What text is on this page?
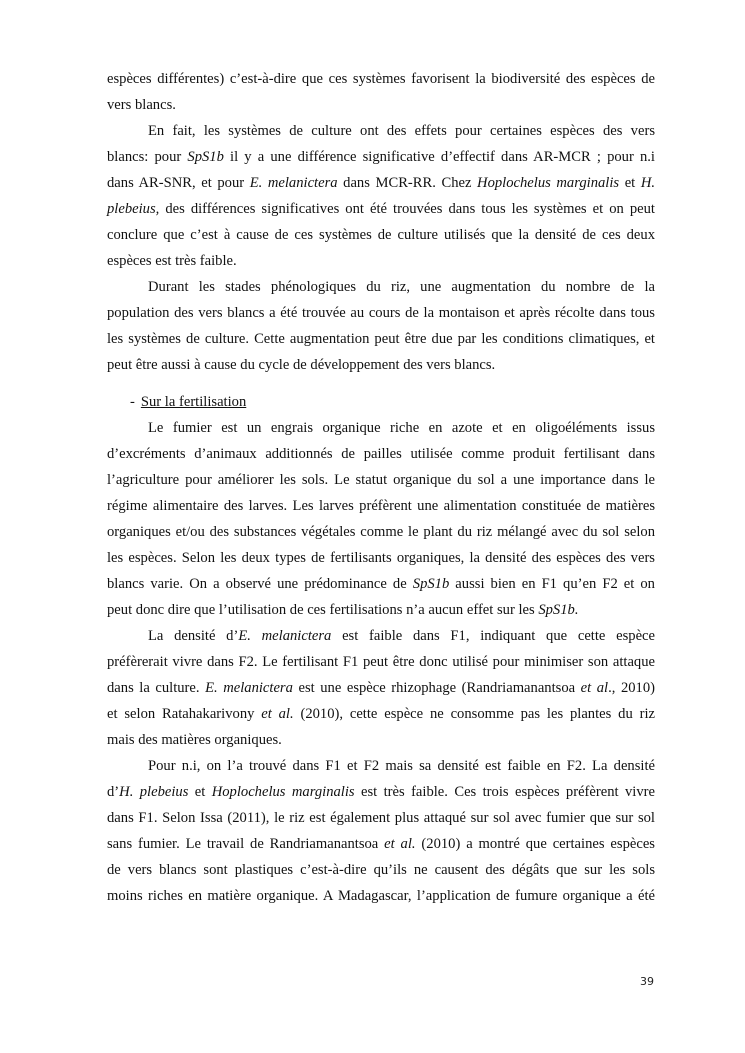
espèces différentes) c’est-à-dire que ces systèmes favorisent la biodiversité des espèces de
vers blancs.
En fait, les systèmes de culture ont des effets pour certaines espèces des vers
blancs: pour SpS1b il y a une différence significative d’effectif dans AR-MCR ; pour n.i
dans AR-SNR, et pour E. melanictera dans MCR-RR. Chez Hoplochelus marginalis et H.
plebeius, des différences significatives ont été trouvées dans tous les systèmes et on peut
conclure que c’est à cause de ces systèmes de culture utilisés que la densité de ces deux
espèces est très faible.
Durant les stades phénologiques du riz, une augmentation du nombre de la
population des vers blancs a été trouvée au cours de la montaison et après récolte dans tous
les systèmes de culture. Cette augmentation peut être due par les conditions climatiques, et
peut être aussi à cause du cycle de développement des vers blancs.
- Sur la fertilisation
Le fumier est un engrais organique riche en azote et en oligoéléments issus
d’excréments d’animaux additionnés de pailles utilisée comme produit fertilisant dans
l’agriculture pour améliorer les sols. Le statut organique du sol a une importance dans le
régime alimentaire des larves. Les larves préfèrent une alimentation constituée de matières
organiques et/ou des substances végétales comme le plant du riz mélangé avec du sol selon
les espèces. Selon les deux types de fertilisants organiques, la densité des espèces des vers
blancs varie. On a observé une prédominance de SpS1b aussi bien en F1 qu’en F2 et on
peut donc dire que l’utilisation de ces fertilisations n’a aucun effet sur les SpS1b.
La densité d’E. melanictera est faible dans F1, indiquant que cette espèce
préfèrerait vivre dans F2. Le fertilisant F1 peut être donc utilisé pour minimiser son attaque
dans la culture. E. melanictera est une espèce rhizophage (Randriamanantsoa et al., 2010)
et selon Ratahakarivony et al. (2010), cette espèce ne consomme pas les plantes du riz
mais des matières organiques.
Pour n.i, on l’a trouvé dans F1 et F2 mais sa densité est faible en F2. La densité
d’H. plebeius et Hoplochelus marginalis est très faible. Ces trois espèces préfèrent vivre
dans F1. Selon Issa (2011), le riz est également plus attaqué sur sol avec fumier que sur sol
sans fumier. Le travail de Randriamanantsoa et al. (2010) a montré que certaines espèces
de vers blancs sont plastiques c’est-à-dire qu’ils ne causent des dégâts que sur les sols
moins riches en matière organique. A Madagascar, l’application de fumure organique a été
39
